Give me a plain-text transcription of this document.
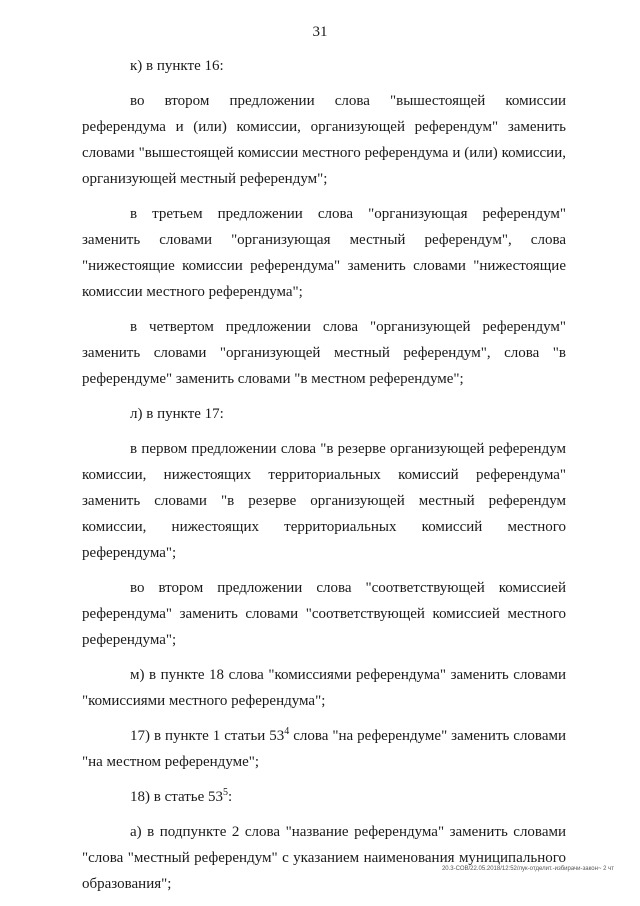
31

к) в пункте 16:

во втором предложении слова "вышестоящей комиссии референдума и (или) комиссии, организующей референдум" заменить словами "вышестоящей комиссии местного референдума и (или) комиссии, организующей местный референдум";

в третьем предложении слова "организующая референдум" заменить словами "организующая местный референдум", слова "нижестоящие комиссии референдума" заменить словами "нижестоящие комиссии местного референдума";

в четвертом предложении слова "организующей референдум" заменить словами "организующей местный референдум", слова "в референдуме" заменить словами "в местном референдуме";

л) в пункте 17:

в первом предложении слова "в резерве организующей референдум комиссии, нижестоящих территориальных комиссий референдума" заменить словами "в резерве организующей местный референдум комиссии, нижестоящих территориальных комиссий местного референдума";

во втором предложении слова "соответствующей комиссией референдума" заменить словами "соответствующей комиссией местного референдума";

м) в пункте 18 слова "комиссиями референдума" заменить словами "комиссиями местного референдума";

17) в пункте 1 статьи $53^4$ слова "на референдуме" заменить словами "на местном референдуме";

18) в статье $53^5$:

а) в подпункте 2 слова "название референдума" заменить словами "слова "местный референдум" с указанием наименования муниципального образования";

20.3-СОВ/22.05.2018/12:52/лук-отделит.-избирачи-закон~ 2 чт
